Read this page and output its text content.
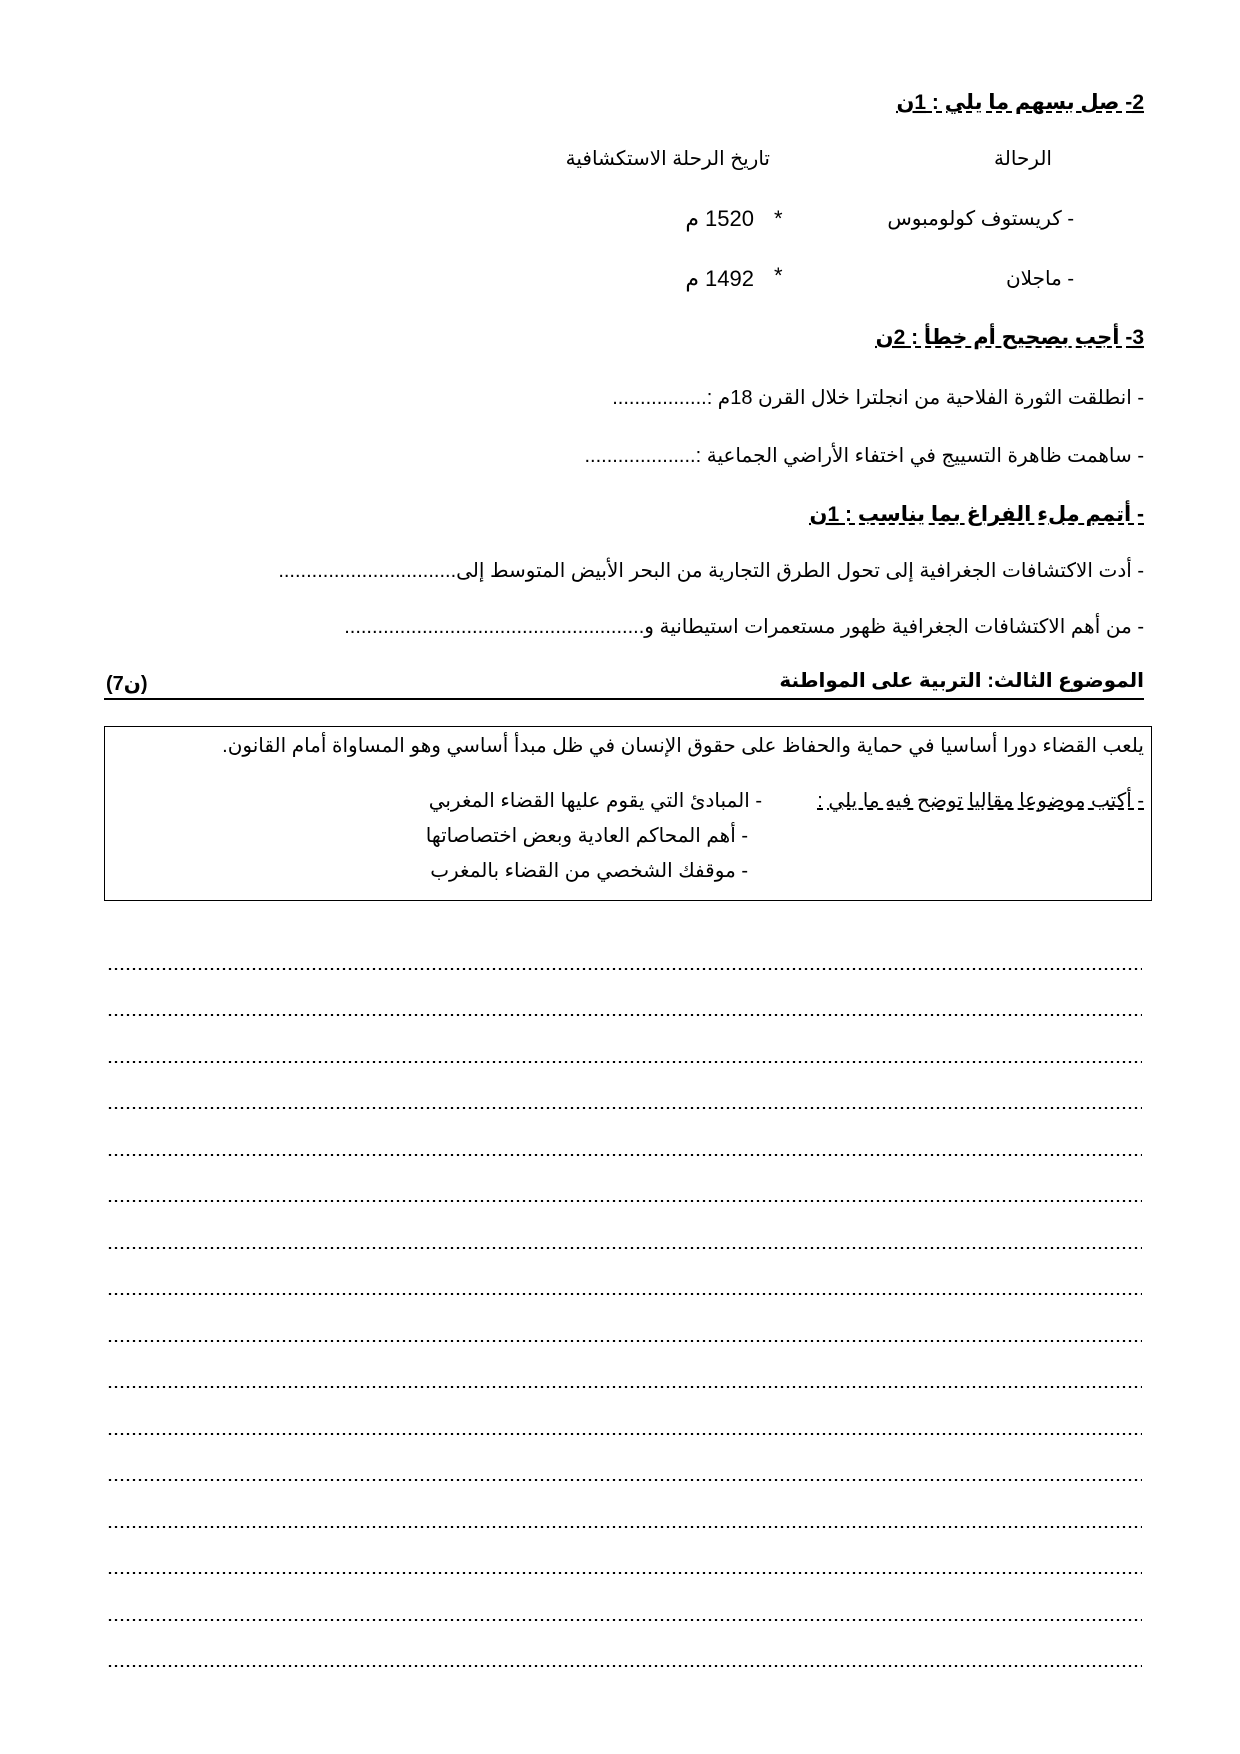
2- صل بسهم ما يلي : 1ن
الرحالة
تاريخ الرحلة الاستكشافية
- كريستوف كولومبوس
*
1520 م
- ماجلان
*
1492 م
3- أجب بصحيح أم خطأ : 2ن
- انطلقت الثورة الفلاحية من انجلترا خلال القرن 18م :.................
- ساهمت ظاهرة التسييج في اختفاء الأراضي الجماعية :....................
- أتمم ملء الفراغ بما يناسب : 1ن
- أدت الاكتشافات الجغرافية إلى تحول الطرق التجارية من البحر الأبيض المتوسط إلى................................
- من أهم الاكتشافات الجغرافية ظهور مستعمرات استيطانية و......................................................
الموضوع الثالث: التربية على المواطنة
(7ن)
يلعب القضاء دورا أساسيا في حماية والحفاظ على حقوق الإنسان في ظل مبدأ أساسي وهو المساواة أمام القانون.
- أكتب موضوعا مقاليا توضح فيه ما يلي :
- المبادئ التي يقوم عليها القضاء المغربي
- أهم المحاكم العادية وبعض اختصاصاتها
- موقفك الشخصي من القضاء بالمغرب
